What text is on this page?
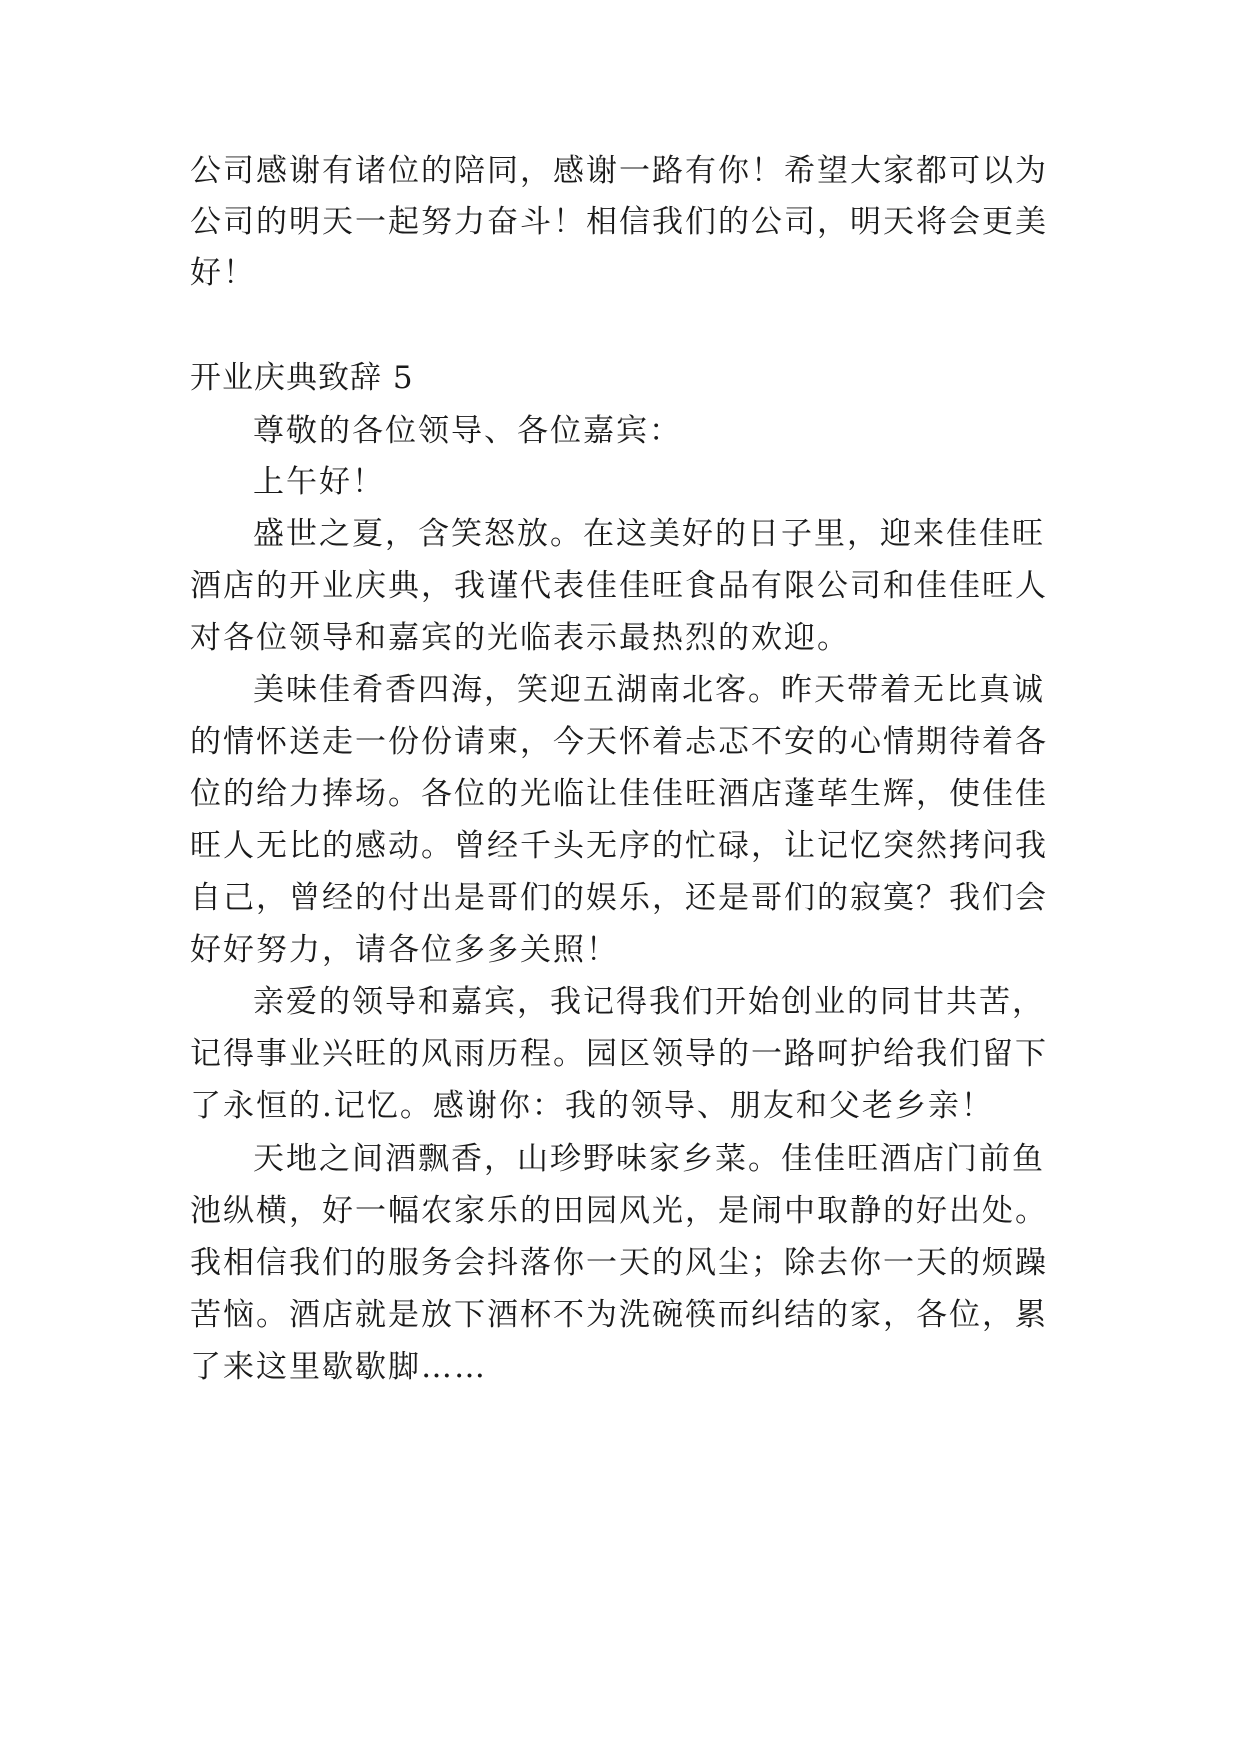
公司感谢有诸位的陪同，感谢一路有你！希望大家都可以为
公司的明天一起努力奋斗！相信我们的公司，明天将会更美
好！
开业庆典致辞 5
尊敬的各位领导、各位嘉宾：
上午好！
盛世之夏，含笑怒放。在这美好的日子里，迎来佳佳旺
酒店的开业庆典，我谨代表佳佳旺食品有限公司和佳佳旺人
对各位领导和嘉宾的光临表示最热烈的欢迎。
美味佳肴香四海，笑迎五湖南北客。昨天带着无比真诚
的情怀送走一份份请柬，今天怀着忐忑不安的心情期待着各
位的给力捧场。各位的光临让佳佳旺酒店蓬荜生辉，使佳佳
旺人无比的感动。曾经千头无序的忙碌，让记忆突然拷问我
自己，曾经的付出是哥们的娱乐，还是哥们的寂寞？我们会
好好努力，请各位多多关照！
亲爱的领导和嘉宾，我记得我们开始创业的同甘共苦，
记得事业兴旺的风雨历程。园区领导的一路呵护给我们留下
了永恒的.记忆。感谢你：我的领导、朋友和父老乡亲！
天地之间酒飘香，山珍野味家乡菜。佳佳旺酒店门前鱼
池纵横，好一幅农家乐的田园风光，是闹中取静的好出处。
我相信我们的服务会抖落你一天的风尘；除去你一天的烦躁
苦恼。酒店就是放下酒杯不为洗碗筷而纠结的家，各位，累
了来这里歇歇脚……
